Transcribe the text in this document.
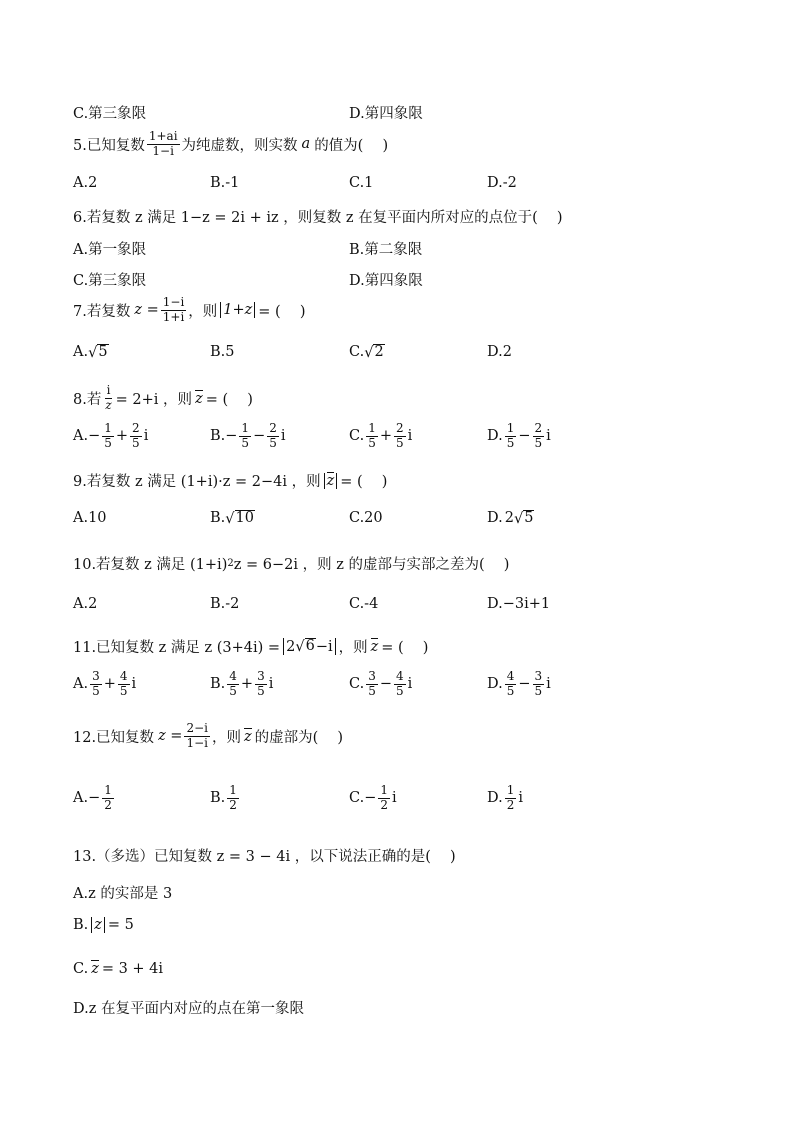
C.第三象限	D.第四象限
5.已知复数 $\frac{1+ai}{1-i}$ 为纯虚数，则实数 a 的值为(　 )
A.2	B.-1	C.1	D.-2
6.若复数 z 满足 1−z = 2i + iz ，则复数 z 在复平面内所对应的点位于(　 )
A.第一象限	B.第二象限
C.第三象限	D.第四象限
7.若复数 $z = \frac{1-i}{1+i}$ ，则 1+z = (　 )
A. √ 5	B.5	C. √ 2	D.2
8.若 $\frac{i}{z} = 2+i$ ，则 z = (　 )
A. − $\frac{1}{5} + \frac{2}{5}$ i	B. − $\frac{1}{5} - \frac{2}{5}$ i	C. $\frac{1}{5} + \frac{2}{5}$ i	D. $\frac{1}{5} - \frac{2}{5}$ i
9.若复数 z 满足 (1+i)·z = 2−4i ，则 z = (　 )
A.10	B. √ 10	C.20	D. 2 √ 5
10.若复数 z 满足 (1+i) 2 z = 6−2i ，则 z 的虚部与实部之差为(　 )
A.2	B.-2	C.-4	D.−3i+1
11.已知复数 z 满足 z (3+4i) = 2 √ 6 −i ，则 z = (　 )
A. $\frac{3}{5} + \frac{4}{5}$ i	B. $\frac{4}{5} + \frac{3}{5}$ i	C. $\frac{3}{5} - \frac{4}{5}$ i	D. $\frac{4}{5} - \frac{3}{5}$ i
12.已知复数 $z = \frac{2-i}{1-i}$ ，则 z 的虚部为(　 )
A. − $\frac{1}{2}$	B. $\frac{1}{2}$	C. − $\frac{1}{2}$ i	D. $\frac{1}{2}$ i
13.（多选）已知复数 z = 3 − 4i ，以下说法正确的是(　 )
A.z 的实部是 3
B. z = 5
C. z = 3 + 4i
D.z 在复平面内对应的点在第一象限
